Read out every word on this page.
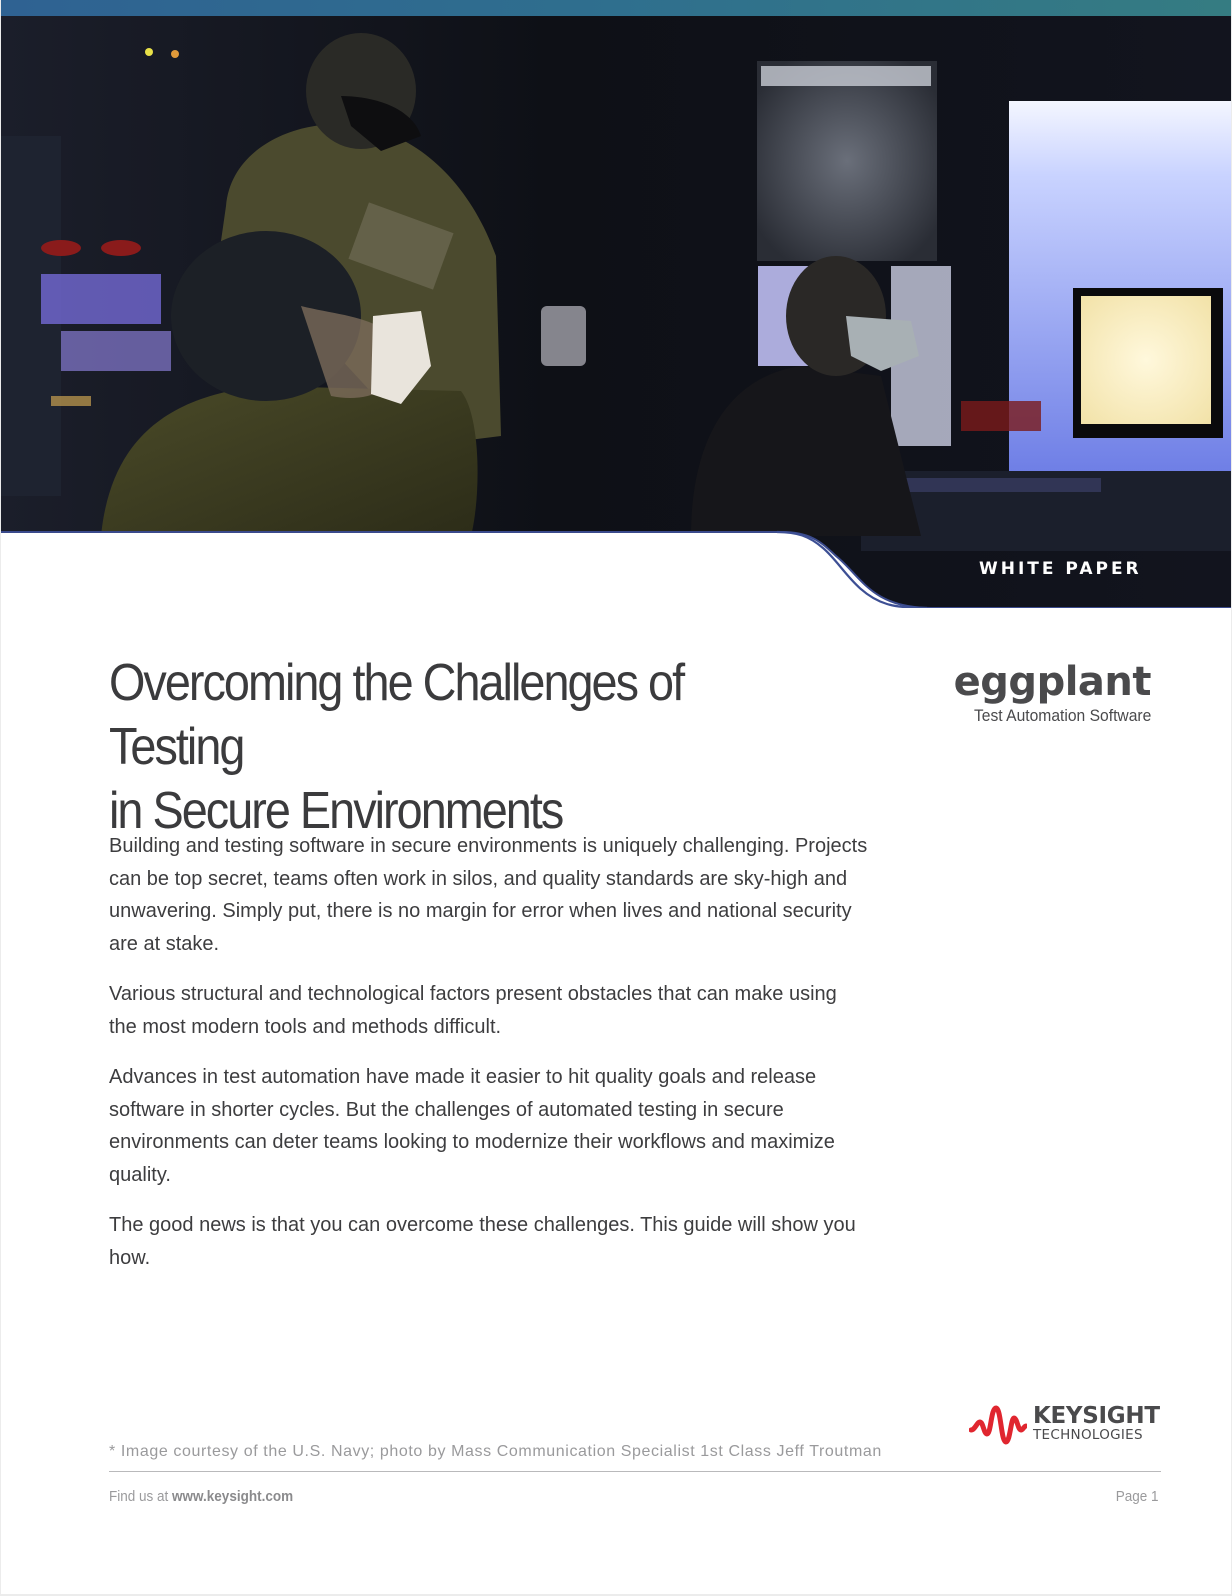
WHITE PAPER
Overcoming the Challenges of Testing
in Secure Environments
eggplant
Test Automation Software

Building and testing software in secure environments is uniquely challenging. Projects can be top secret, teams often work in silos, and quality standards are sky-high and unwavering. Simply put, there is no margin for error when lives and national security are at stake.

Various structural and technological factors present obstacles that can make using the most modern tools and methods difficult.

Advances in test automation have made it easier to hit quality goals and release software in shorter cycles. But the challenges of automated testing in secure environments can deter teams looking to modernize their workflows and maximize quality.

The good news is that you can overcome these challenges. This guide will show you how.

KEYSIGHT
TECHNOLOGIES
* Image courtesy of the U.S. Navy; photo by Mass Communication Specialist 1st Class Jeff Troutman
Find us at www.keysight.com	Page 1
